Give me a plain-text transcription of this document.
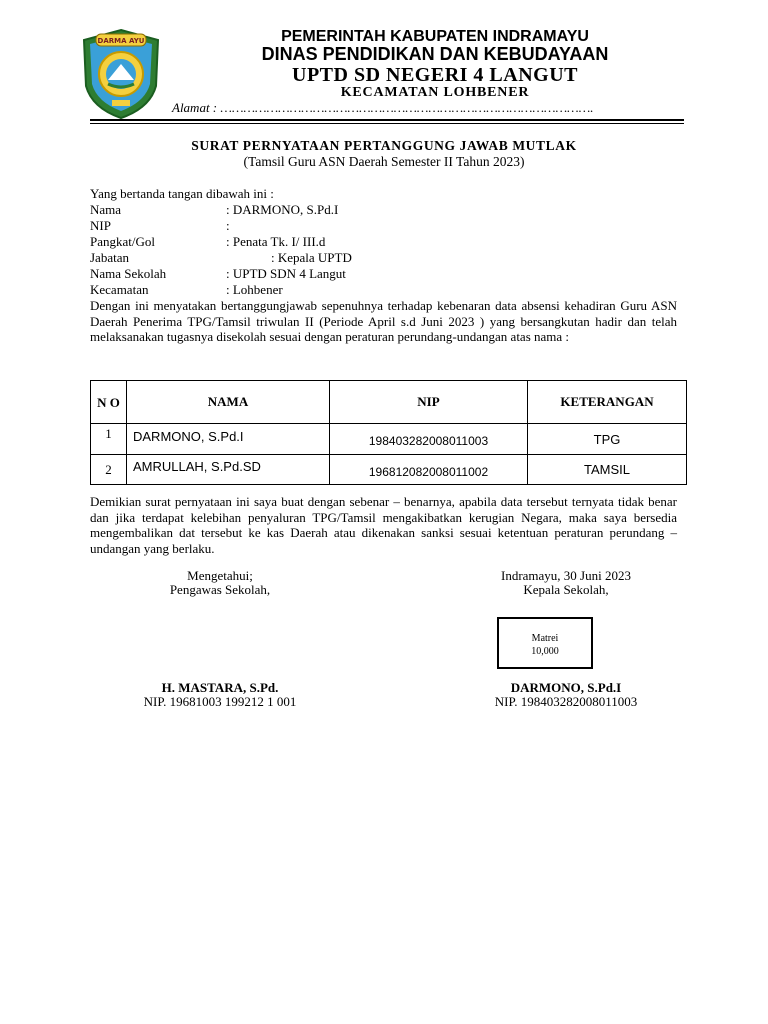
DARMA AYU	PEMERINTAH KABUPATEN INDRAMAYU
DINAS PENDIDIKAN DAN KEBUDAYAAN
UPTD SD NEGERI 4 LANGUT
KECAMATAN LOHBENER
Alamat : …………………………………………………………………………………….
SURAT PERNYATAAN PERTANGGUNG JAWAB MUTLAK
(Tamsil Guru ASN Daerah Semester II Tahun 2023)
Yang bertanda tangan dibawah ini :
Nama	: DARMONO, S.Pd.I
NIP	:
Pangkat/Gol	: Penata Tk. I/ III.d
Jabatan	: Kepala UPTD
Nama Sekolah	: UPTD SDN 4 Langut
Kecamatan	: Lohbener
Dengan ini menyatakan bertanggungjawab sepenuhnya terhadap kebenaran data absensi kehadiran Guru ASN Daerah Penerima TPG/Tamsil triwulan II (Periode April s.d Juni 2023 ) yang bersangkutan hadir dan telah melaksanakan tugasnya disekolah sesuai dengan peraturan perundang-undangan atas nama :
N O	NAMA	NIP	KETERANGAN
1	DARMONO, S.Pd.I	198403282008011003	TPG
2	AMRULLAH, S.Pd.SD	196812082008011002	TAMSIL
Demikian surat pernyataan ini saya buat dengan sebenar – benarnya, apabila data tersebut ternyata tidak benar dan jika terdapat kelebihan penyaluran TPG/Tamsil mengakibatkan kerugian Negara, maka saya bersedia mengembalikan dat tersebut ke kas Daerah atau dikenakan sanksi sesuai ketentuan peraturan perundang – undangan yang berlaku.
Mengetahui;
Pengawas Sekolah,
Indramayu, 30 Juni 2023
Kepala Sekolah,
Matrei
10,000
H. MASTARA, S.Pd.
NIP. 19681003 199212 1 001
DARMONO, S.Pd.I
NIP. 198403282008011003
